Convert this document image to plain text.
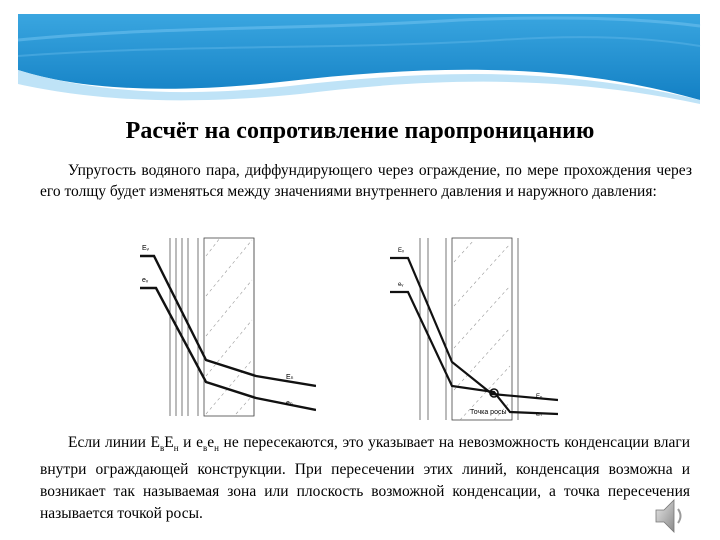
Расчёт на сопротивление паропроницанию

Упругость водяного пара, диффундирующего через ограждение, по мере прохождения через его толщу будет изменяться между значениями внутреннего давления и наружного давления:

Eᵥ
eᵥ
Eₙ
eₙ
Eᵥ
eᵥ
Точка росы
Eₙ
eₙ

Если линии $Е_вЕ_н$ и $e_вe_н$ не пересекаются, это указывает на невозможность конденсации влаги внутри ограждающей конструкции. При пересечении этих линий, конденсация возможна и возникает так называемая зона или плоскость возможной конденсации, а точка пересечения называется точкой росы.
